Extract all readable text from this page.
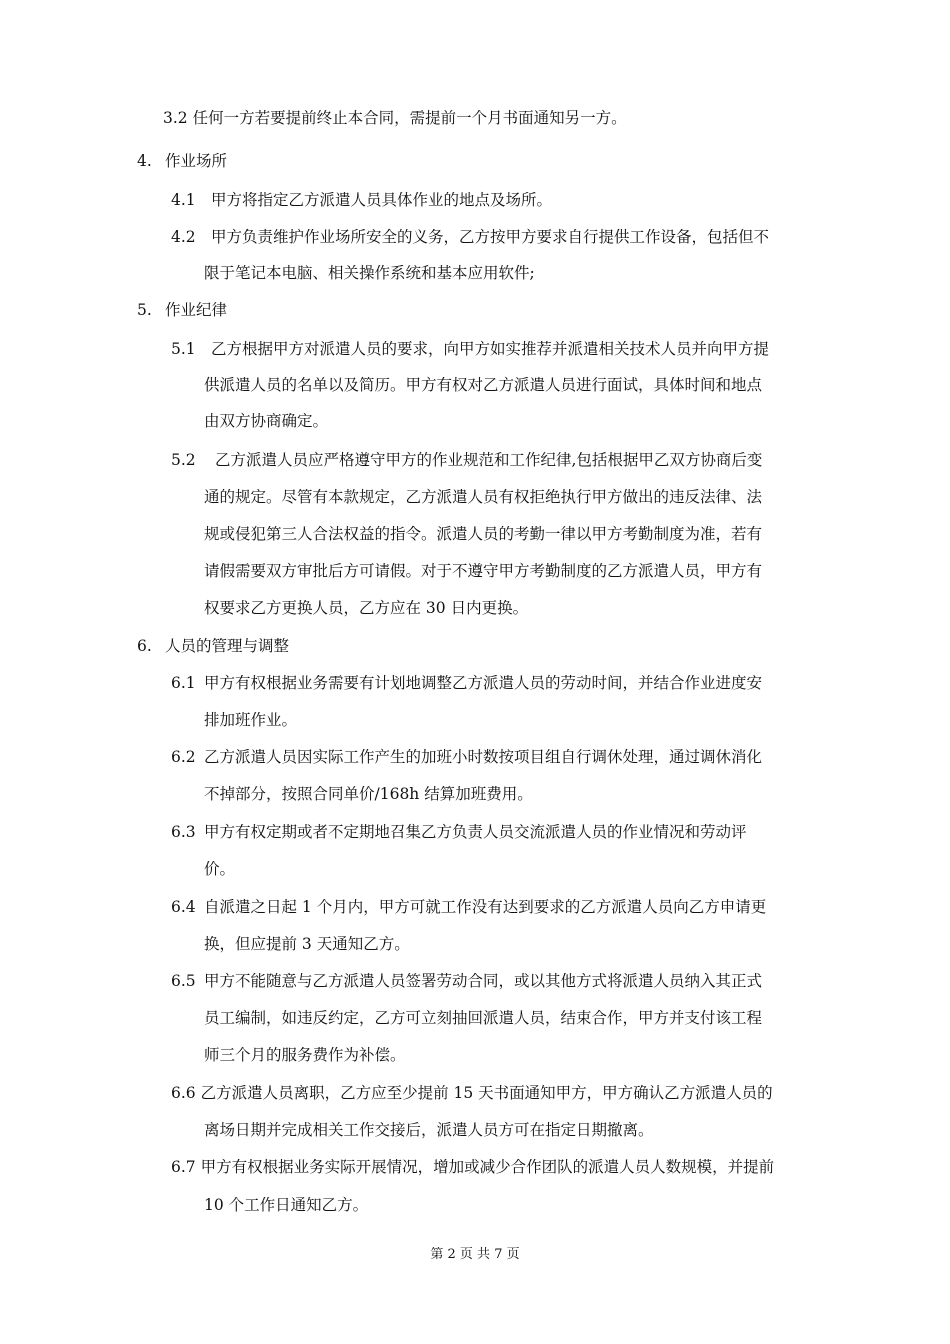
3.2 任何一方若要提前终止本合同，需提前一个月书面通知另一方。
4. 作业场所
4.1 甲方将指定乙方派遣人员具体作业的地点及场所。
4.2 甲方负责维护作业场所安全的义务，乙方按甲方要求自行提供工作设备，包括但不
限于笔记本电脑、相关操作系统和基本应用软件;
5. 作业纪律
5.1 乙方根据甲方对派遣人员的要求，向甲方如实推荐并派遣相关技术人员并向甲方提
供派遣人员的名单以及简历。甲方有权对乙方派遣人员进行面试，具体时间和地点
由双方协商确定。
5.2 乙方派遣人员应严格遵守甲方的作业规范和工作纪律,包括根据甲乙双方协商后变
通的规定。尽管有本款规定，乙方派遣人员有权拒绝执行甲方做出的违反法律、法
规或侵犯第三人合法权益的指令。派遣人员的考勤一律以甲方考勤制度为准，若有
请假需要双方审批后方可请假。对于不遵守甲方考勤制度的乙方派遣人员，甲方有
权要求乙方更换人员，乙方应在 30 日内更换。
6. 人员的管理与调整
6.1 甲方有权根据业务需要有计划地调整乙方派遣人员的劳动时间，并结合作业进度安
排加班作业。
6.2 乙方派遣人员因实际工作产生的加班小时数按项目组自行调休处理，通过调休消化
不掉部分，按照合同单价/168h 结算加班费用。
6.3 甲方有权定期或者不定期地召集乙方负责人员交流派遣人员的作业情况和劳动评
价。
6.4 自派遣之日起 1 个月内，甲方可就工作没有达到要求的乙方派遣人员向乙方申请更
换，但应提前 3 天通知乙方。
6.5 甲方不能随意与乙方派遣人员签署劳动合同，或以其他方式将派遣人员纳入其正式
员工编制，如违反约定，乙方可立刻抽回派遣人员，结束合作，甲方并支付该工程
师三个月的服务费作为补偿。
6.6 乙方派遣人员离职，乙方应至少提前 15 天书面通知甲方，甲方确认乙方派遣人员的
离场日期并完成相关工作交接后，派遣人员方可在指定日期撤离。
6.7 甲方有权根据业务实际开展情况，增加或减少合作团队的派遣人员人数规模，并提前
10 个工作日通知乙方。
第 2 页 共 7 页
